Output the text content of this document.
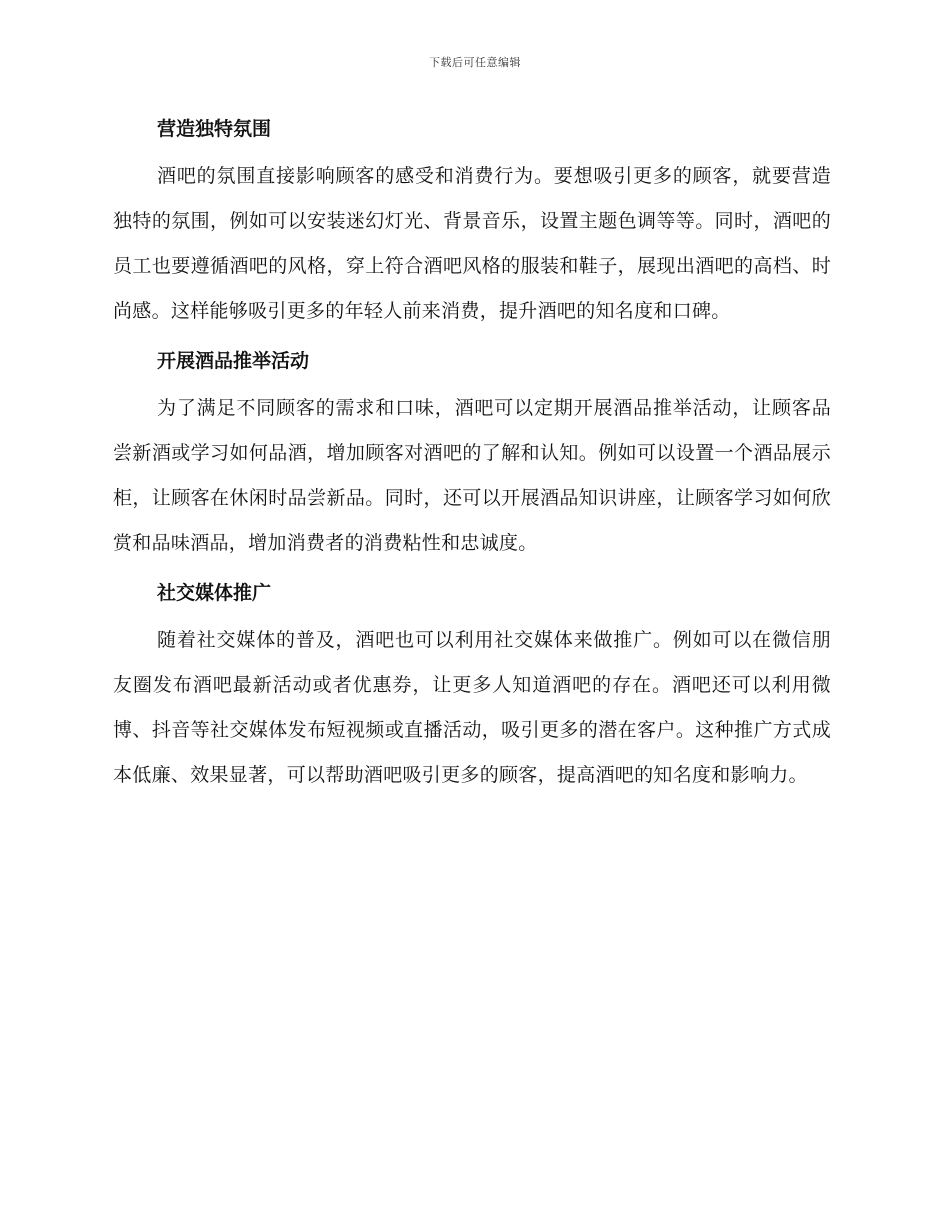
下载后可任意编辑
营造独特氛围

酒吧的氛围直接影响顾客的感受和消费行为。要想吸引更多的顾客，就要营造独特的氛围，例如可以安装迷幻灯光、背景音乐，设置主题色调等等。同时，酒吧的员工也要遵循酒吧的风格，穿上符合酒吧风格的服装和鞋子，展现出酒吧的高档、时尚感。这样能够吸引更多的年轻人前来消费，提升酒吧的知名度和口碑。

开展酒品推举活动

为了满足不同顾客的需求和口味，酒吧可以定期开展酒品推举活动，让顾客品尝新酒或学习如何品酒，增加顾客对酒吧的了解和认知。例如可以设置一个酒品展示柜，让顾客在休闲时品尝新品。同时，还可以开展酒品知识讲座，让顾客学习如何欣赏和品味酒品，增加消费者的消费粘性和忠诚度。

社交媒体推广

随着社交媒体的普及，酒吧也可以利用社交媒体来做推广。例如可以在微信朋友圈发布酒吧最新活动或者优惠券，让更多人知道酒吧的存在。酒吧还可以利用微博、抖音等社交媒体发布短视频或直播活动，吸引更多的潜在客户。这种推广方式成本低廉、效果显著，可以帮助酒吧吸引更多的顾客，提高酒吧的知名度和影响力。
